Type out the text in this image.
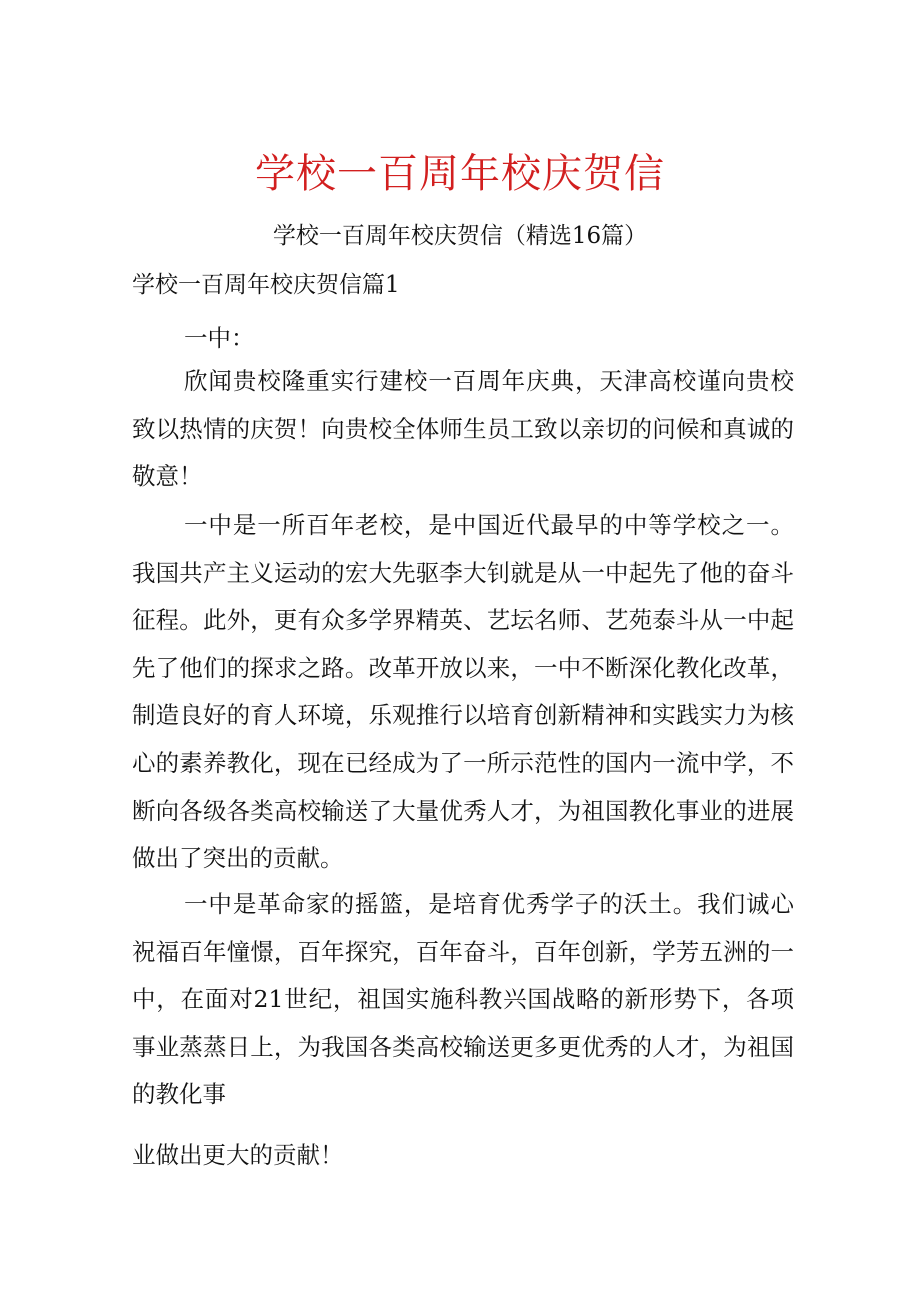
学校一百周年校庆贺信
学校一百周年校庆贺信（精选16篇）
学校一百周年校庆贺信篇1
一中：

欣闻贵校隆重实行建校一百周年庆典，天津高校谨向贵校致以热情的庆贺！向贵校全体师生员工致以亲切的问候和真诚的敬意！

一中是一所百年老校，是中国近代最早的中等学校之一。我国共产主义运动的宏大先驱李大钊就是从一中起先了他的奋斗征程。此外，更有众多学界精英、艺坛名师、艺苑泰斗从一中起先了他们的探求之路。改革开放以来，一中不断深化教化改革，制造良好的育人环境，乐观推行以培育创新精神和实践实力为核心的素养教化，现在已经成为了一所示范性的国内一流中学，不断向各级各类高校输送了大量优秀人才，为祖国教化事业的进展做出了突出的贡献。

一中是革命家的摇篮，是培育优秀学子的沃土。我们诚心祝福百年憧憬，百年探究，百年奋斗，百年创新，学芳五洲的一中，在面对21世纪，祖国实施科教兴国战略的新形势下，各项事业蒸蒸日上，为我国各类高校输送更多更优秀的人才，为祖国的教化事

业做出更大的贡献！
